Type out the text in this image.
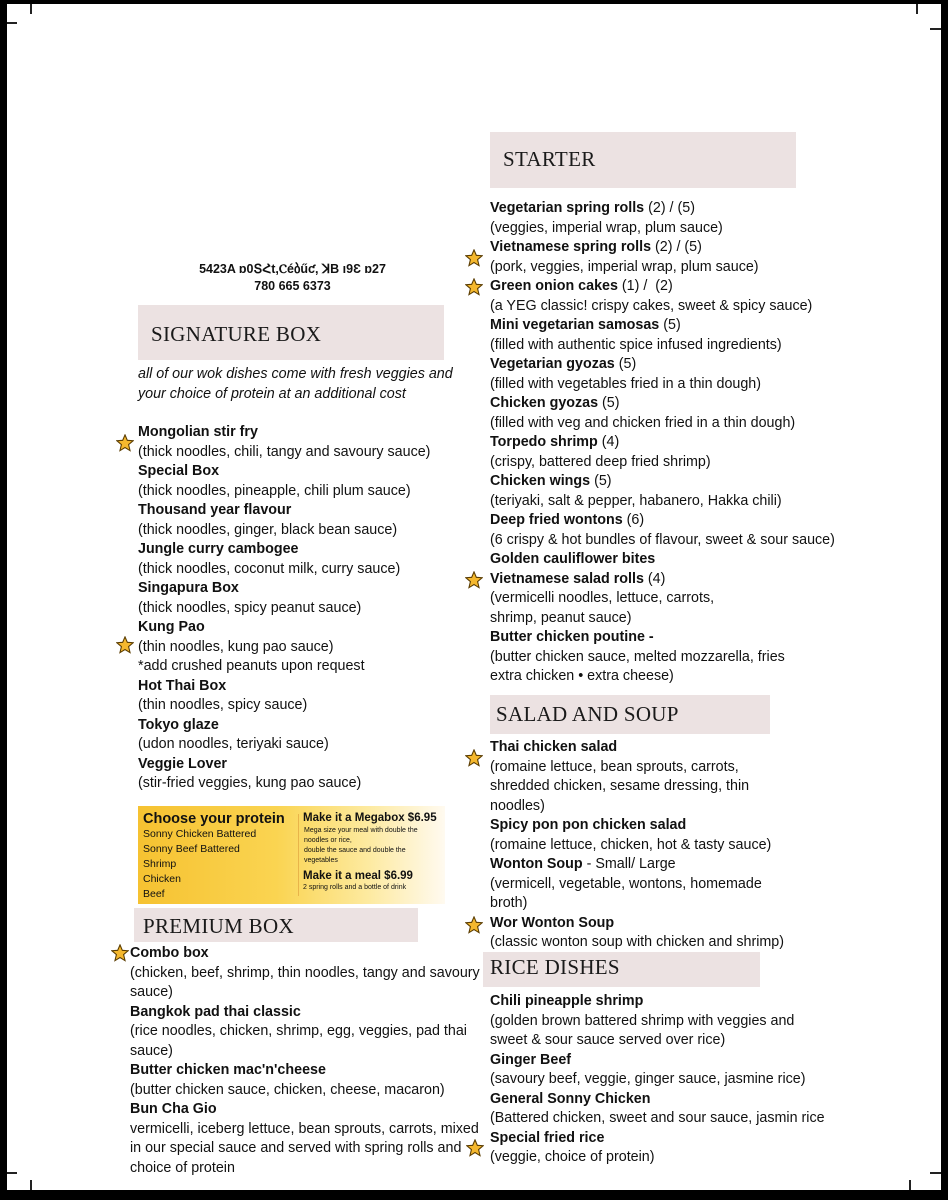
5423A ɒ0ՏՀt,Ⲥéბűƈ, ꓘB ı9Ɛ ɒ27
780 665 6373
STARTER
SIGNATURE BOX
all of our wok dishes come with fresh veggies and
your choice of protein at an additional cost
Mongolian stir fry
(thick noodles, chili, tangy and savoury sauce)
Special Box
(thick noodles, pineapple, chili plum sauce)
Thousand year flavour
(thick noodles, ginger, black bean sauce)
Jungle curry cambogee
(thick noodles, coconut milk, curry sauce)
Singapura Box
(thick noodles, spicy peanut sauce)
Kung Pao
(thin noodles, kung pao sauce)
*add crushed peanuts upon request
Hot Thai Box
(thin noodles, spicy sauce)
Tokyo glaze
(udon noodles, teriyaki sauce)
Veggie Lover
(stir-fried veggies, kung pao sauce)
Choose your protein
Sonny Chicken Battered
Sonny Beef Battered
Shrimp
Chicken
Beef
Make it a Megabox $6.95
Mega size your meal with double the
noodles or rice,
double the sauce and double the
vegetables
Make it a meal $6.99
2 spring rolls and a bottle of drink
PREMIUM BOX
Combo box
(chicken, beef, shrimp, thin noodles, tangy and savoury
sauce)
Bangkok pad thai classic
(rice noodles, chicken, shrimp, egg, veggies, pad thai
sauce)
Butter chicken mac'n'cheese
(butter chicken sauce, chicken, cheese, macaron)
Bun Cha Gio
vermicelli, iceberg lettuce, bean sprouts, carrots, mixed
in our special sauce and served with spring rolls and
choice of protein
Vegetarian spring rolls (2) / (5)
(veggies, imperial wrap, plum sauce)
Vietnamese spring rolls (2) / (5)
(pork, veggies, imperial wrap, plum sauce)
Green onion cakes (1) /  (2)
(a YEG classic! crispy cakes, sweet & spicy sauce)
Mini vegetarian samosas (5)
(filled with authentic spice infused ingredients)
Vegetarian gyozas (5)
(filled with vegetables fried in a thin dough)
Chicken gyozas (5)
(filled with veg and chicken fried in a thin dough)
Torpedo shrimp (4)
(crispy, battered deep fried shrimp)
Chicken wings (5)
(teriyaki, salt & pepper, habanero, Hakka chili)
Deep fried wontons (6)
(6 crispy & hot bundles of flavour, sweet & sour sauce)
Golden cauliflower bites
Vietnamese salad rolls (4)
(vermicelli noodles, lettuce, carrots,
shrimp, peanut sauce)
Butter chicken poutine -
(butter chicken sauce, melted mozzarella, fries
extra chicken • extra cheese)
SALAD AND SOUP
Thai chicken salad
(romaine lettuce, bean sprouts, carrots,
shredded chicken, sesame dressing, thin
noodles)
Spicy pon pon chicken salad
(romaine lettuce, chicken, hot & tasty sauce)
Wonton Soup - Small/ Large
(vermicell, vegetable, wontons, homemade
broth)
Wor Wonton Soup
(classic wonton soup with chicken and shrimp)
RICE DISHES
Chili pineapple shrimp
(golden brown battered shrimp with veggies and
sweet & sour sauce served over rice)
Ginger Beef
(savoury beef, veggie, ginger sauce, jasmine rice)
General Sonny Chicken
(Battered chicken, sweet and sour sauce, jasmin rice
Special fried rice
(veggie, choice of protein)
